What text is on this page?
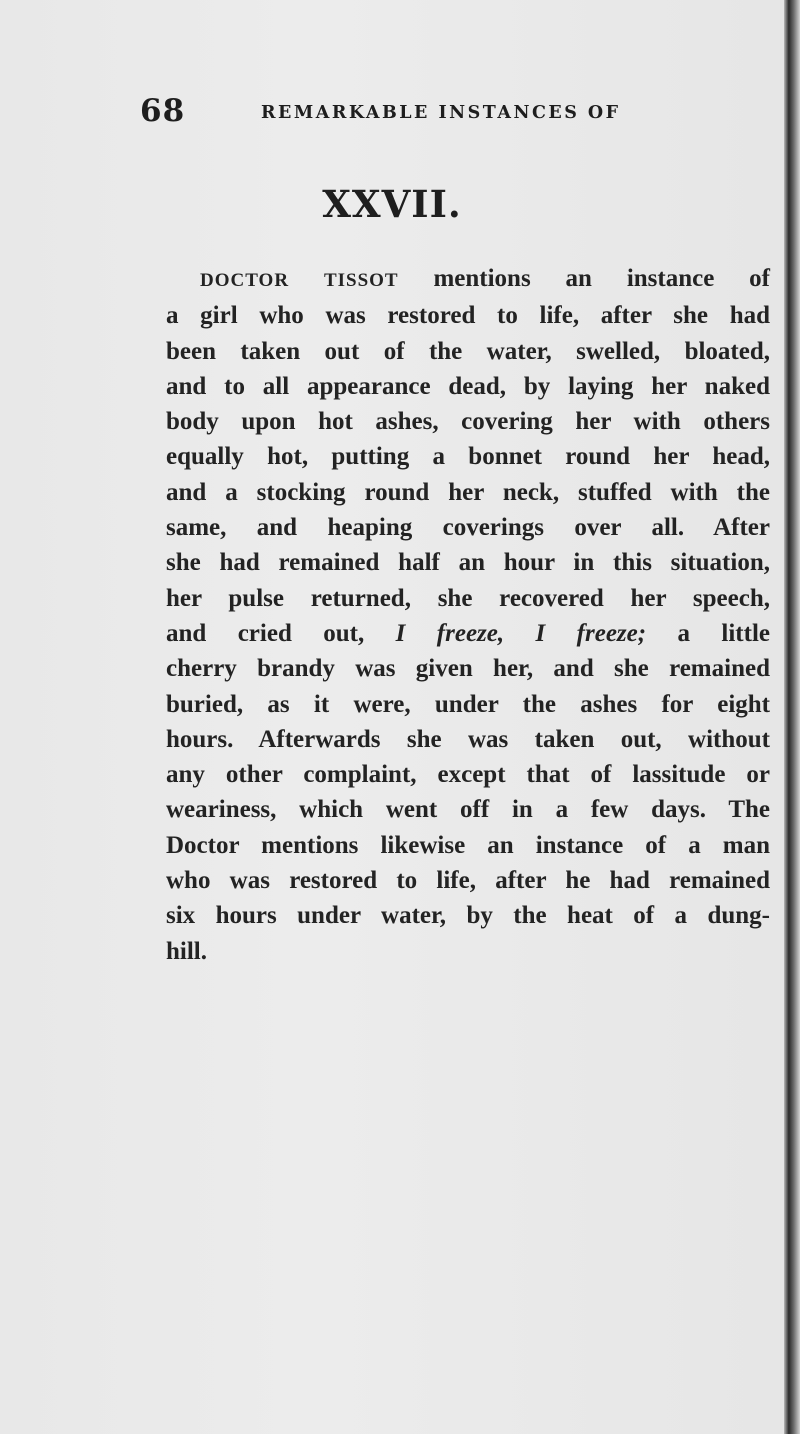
68	REMARKABLE INSTANCES OF
XXVII.
DOCTOR TISSOT mentions an instance of
a girl who was restored to life, after she had
been taken out of the water, swelled, bloated,
and to all appearance dead, by laying her naked
body upon hot ashes, covering her with others
equally hot, putting a bonnet round her head,
and a stocking round her neck, stuffed with the
same, and heaping coverings over all. After
she had remained half an hour in this situation,
her pulse returned, she recovered her speech,
and cried out, I freeze, I freeze; a little
cherry brandy was given her, and she remained
buried, as it were, under the ashes for eight
hours. Afterwards she was taken out, without
any other complaint, except that of lassitude or
weariness, which went off in a few days. The
Doctor mentions likewise an instance of a man
who was restored to life, after he had remained
six hours under water, by the heat of a dung-
hill.
